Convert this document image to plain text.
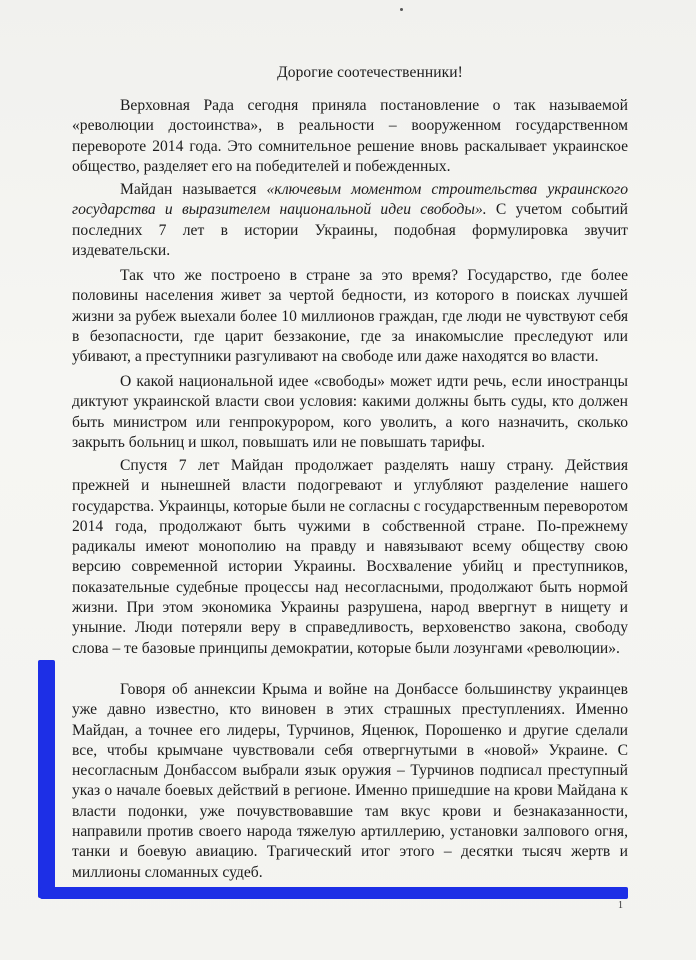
Дорогие соотечественники!

Верховная Рада сегодня приняла постановление о так называемой «революции достоинства», в реальности – вооруженном государственном перевороте 2014 года. Это сомнительное решение вновь раскалывает украинское общество, разделяет его на победителей и побежденных.

Майдан называется «ключевым моментом строительства украинского государства и выразителем национальной идеи свободы». С учетом событий последних 7 лет в истории Украины, подобная формулировка звучит издевательски.

Так что же построено в стране за это время? Государство, где более половины населения живет за чертой бедности, из которого в поисках лучшей жизни за рубеж выехали более 10 миллионов граждан, где люди не чувствуют себя в безопасности, где царит беззаконие, где за инакомыслие преследуют или убивают, а преступники разгуливают на свободе или даже находятся во власти.

О какой национальной идее «свободы» может идти речь, если иностранцы диктуют украинской власти свои условия: какими должны быть суды, кто должен быть министром или генпрокурором, кого уволить, а кого назначить, сколько закрыть больниц и школ, повышать или не повышать тарифы.

Спустя 7 лет Майдан продолжает разделять нашу страну. Действия прежней и нынешней власти подогревают и углубляют разделение нашего государства. Украинцы, которые были не согласны с государственным переворотом 2014 года, продолжают быть чужими в собственной стране. По-прежнему радикалы имеют монополию на правду и навязывают всему обществу свою версию современной истории Украины. Восхваление убийц и преступников, показательные судебные процессы над несогласными, продолжают быть нормой жизни. При этом экономика Украины разрушена, народ ввергнут в нищету и уныние. Люди потеряли веру в справедливость, верховенство закона, свободу слова – те базовые принципы демократии, которые были лозунгами «революции».

Говоря об аннексии Крыма и войне на Донбассе большинству украинцев уже давно известно, кто виновен в этих страшных преступлениях. Именно Майдан, а точнее его лидеры, Турчинов, Яценюк, Порошенко и другие сделали все, чтобы крымчане чувствовали себя отвергнутыми в «новой» Украине. С несогласным Донбассом выбрали язык оружия – Турчинов подписал преступный указ о начале боевых действий в регионе. Именно пришедшие на крови Майдана к власти подонки, уже почувствовавшие там вкус крови и безнаказанности, направили против своего народа тяжелую артиллерию, установки залпового огня, танки и боевую авиацию. Трагический итог этого – десятки тысяч жертв и миллионы сломанных судеб.

1
